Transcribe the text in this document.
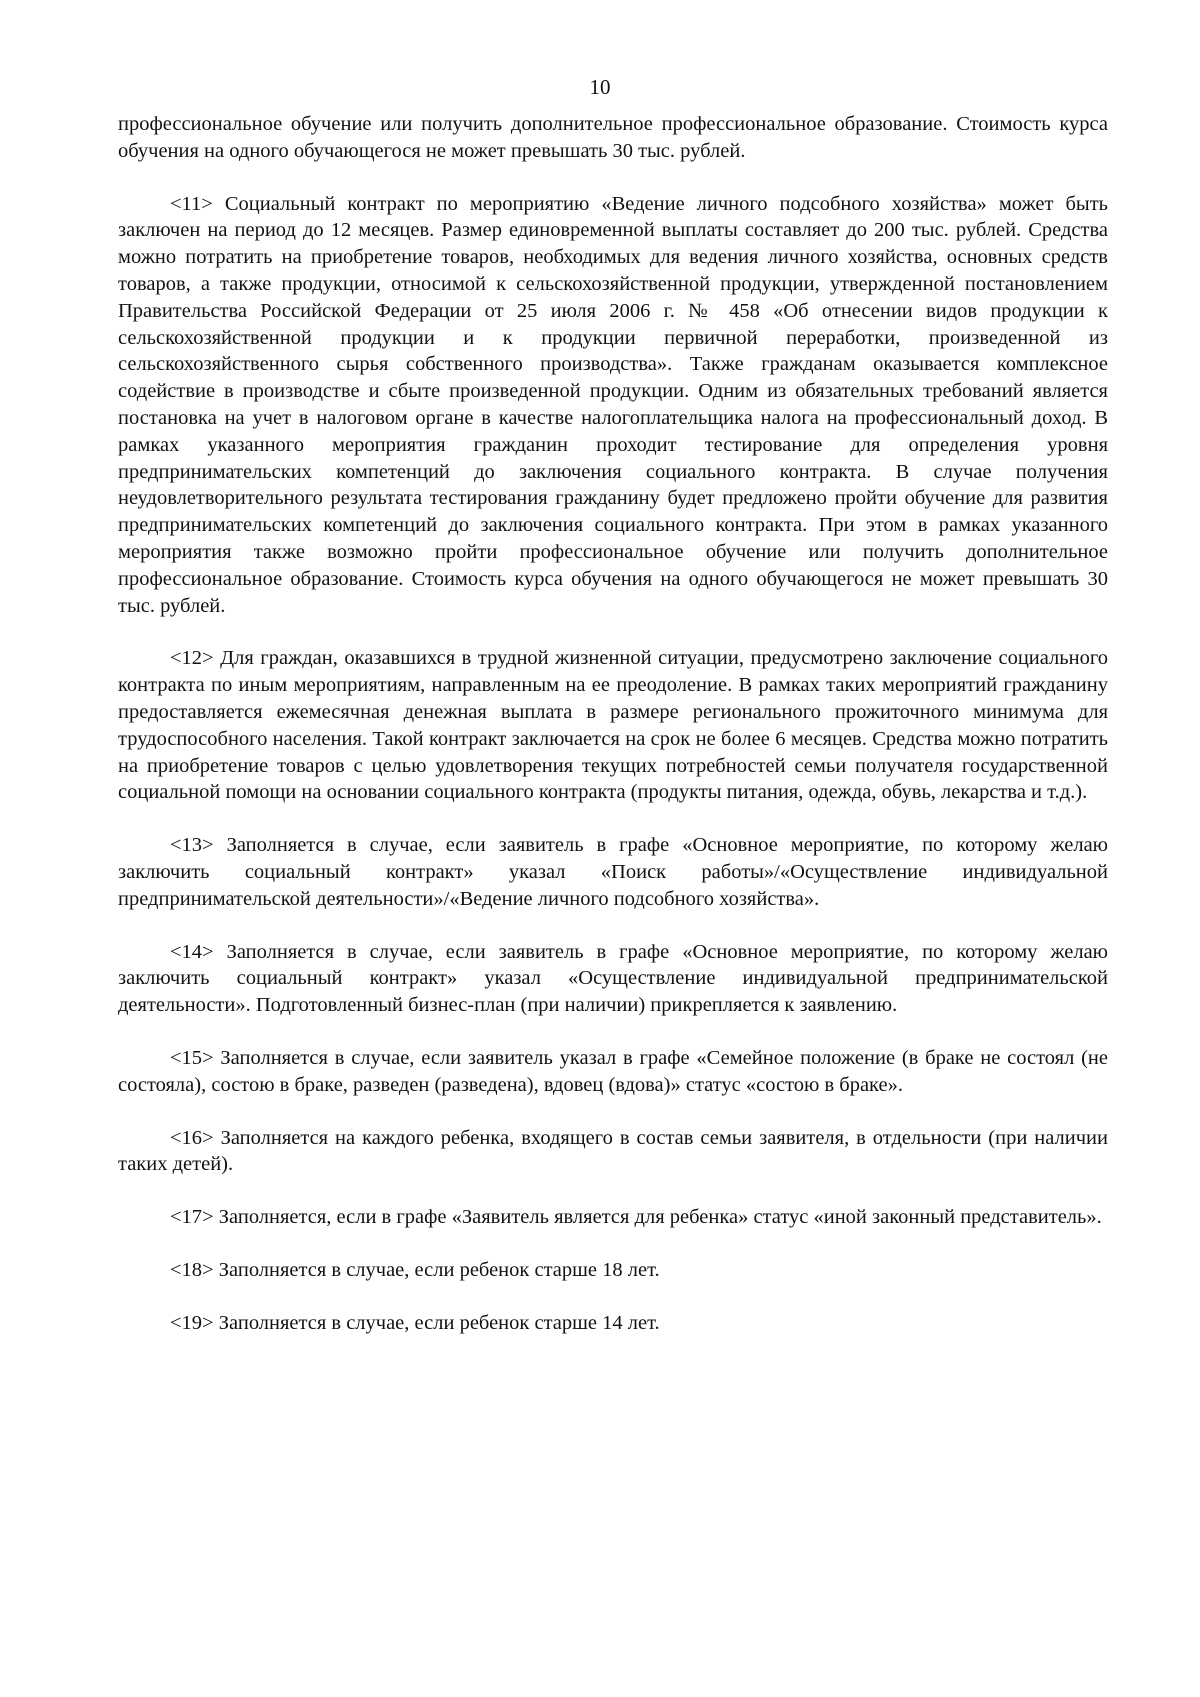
10

профессиональное обучение или получить дополнительное профессиональное образование. Стоимость курса обучения на одного обучающегося не может превышать 30 тыс. рублей.

<11> Социальный контракт по мероприятию «Ведение личного подсобного хозяйства» может быть заключен на период до 12 месяцев. Размер единовременной выплаты составляет до 200 тыс. рублей. Средства можно потратить на приобретение товаров, необходимых для ведения личного хозяйства, основных средств товаров, а также продукции, относимой к сельскохозяйственной продукции, утвержденной постановлением Правительства Российской Федерации от 25 июля 2006 г. № 458 «Об отнесении видов продукции к сельскохозяйственной продукции и к продукции первичной переработки, произведенной из сельскохозяйственного сырья собственного производства». Также гражданам оказывается комплексное содействие в производстве и сбыте произведенной продукции. Одним из обязательных требований является постановка на учет в налоговом органе в качестве налогоплательщика налога на профессиональный доход. В рамках указанного мероприятия гражданин проходит тестирование для определения уровня предпринимательских компетенций до заключения социального контракта. В случае получения неудовлетворительного результата тестирования гражданину будет предложено пройти обучение для развития предпринимательских компетенций до заключения социального контракта. При этом в рамках указанного мероприятия также возможно пройти профессиональное обучение или получить дополнительное профессиональное образование. Стоимость курса обучения на одного обучающегося не может превышать 30 тыс. рублей.

<12> Для граждан, оказавшихся в трудной жизненной ситуации, предусмотрено заключение социального контракта по иным мероприятиям, направленным на ее преодоление. В рамках таких мероприятий гражданину предоставляется ежемесячная денежная выплата в размере регионального прожиточного минимума для трудоспособного населения. Такой контракт заключается на срок не более 6 месяцев. Средства можно потратить на приобретение товаров с целью удовлетворения текущих потребностей семьи получателя государственной социальной помощи на основании социального контракта (продукты питания, одежда, обувь, лекарства и т.д.).

<13> Заполняется в случае, если заявитель в графе «Основное мероприятие, по которому желаю заключить социальный контракт» указал «Поиск работы»/«Осуществление индивидуальной предпринимательской деятельности»/«Ведение личного подсобного хозяйства».

<14> Заполняется в случае, если заявитель в графе «Основное мероприятие, по которому желаю заключить социальный контракт» указал «Осуществление индивидуальной предпринимательской деятельности». Подготовленный бизнес-план (при наличии) прикрепляется к заявлению.

<15> Заполняется в случае, если заявитель указал в графе «Семейное положение (в браке не состоял (не состояла), состою в браке, разведен (разведена), вдовец (вдова)» статус «состою в браке».

<16> Заполняется на каждого ребенка, входящего в состав семьи заявителя, в отдельности (при наличии таких детей).

<17> Заполняется, если в графе «Заявитель является для ребенка» статус «иной законный представитель».

<18> Заполняется в случае, если ребенок старше 18 лет.

<19> Заполняется в случае, если ребенок старше 14 лет.
